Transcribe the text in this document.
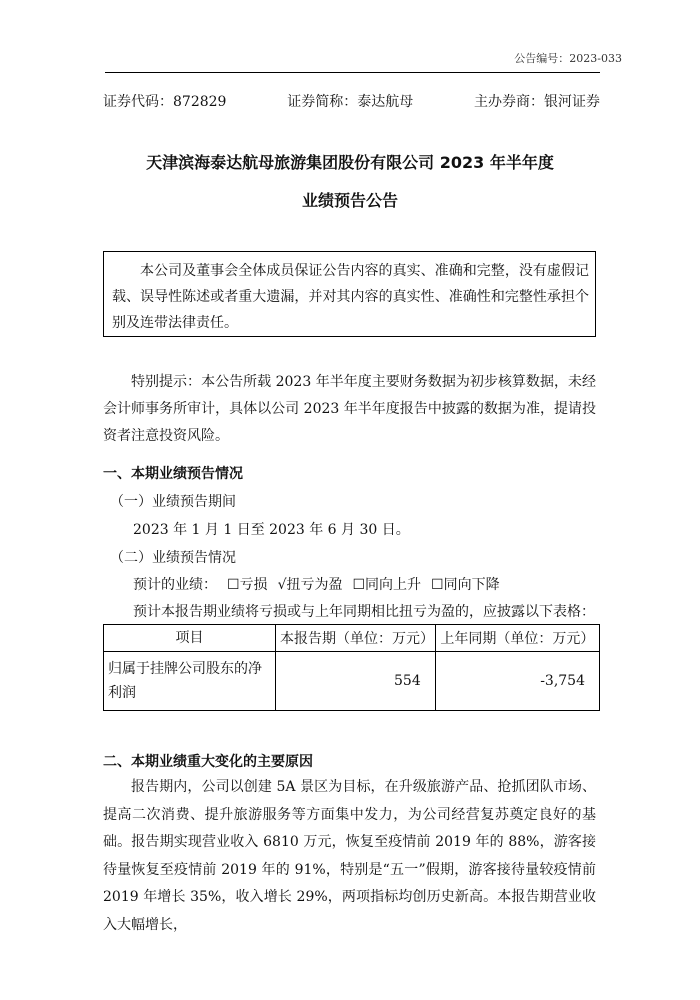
公告编号：2023-033
证券代码：872829	证券简称：泰达航母	主办券商：银河证券
天津滨海泰达航母旅游集团股份有限公司 2023 年半年度
业绩预告公告
本公司及董事会全体成员保证公告内容的真实、准确和完整，没有虚假记载、误导性陈述或者重大遗漏，并对其内容的真实性、准确性和完整性承担个别及连带法律责任。
特别提示：本公告所载 2023 年半年度主要财务数据为初步核算数据，未经会计师事务所审计，具体以公司 2023 年半年度报告中披露的数据为准，提请投资者注意投资风险。
一、本期业绩预告情况
（一）业绩预告期间
2023 年 1 月 1 日至 2023 年 6 月 30 日。
（二）业绩预告情况
预计的业绩： ☐亏损 √扭亏为盈 ☐同向上升 ☐同向下降
预计本报告期业绩将亏损或与上年同期相比扭亏为盈的，应披露以下表格：
项目	本报告期（单位：万元）	上年同期（单位：万元）
归属于挂牌公司股东的净利润	554	-3,754
二、本期业绩重大变化的主要原因
报告期内，公司以创建 5A 景区为目标，在升级旅游产品、抢抓团队市场、提高二次消费、提升旅游服务等方面集中发力，为公司经营复苏奠定良好的基础。报告期实现营业收入 6810 万元，恢复至疫情前 2019 年的 88%，游客接待量恢复至疫情前 2019 年的 91%，特别是“五一”假期，游客接待量较疫情前 2019 年增长 35%，收入增长 29%，两项指标均创历史新高。本报告期营业收入大幅增长，
